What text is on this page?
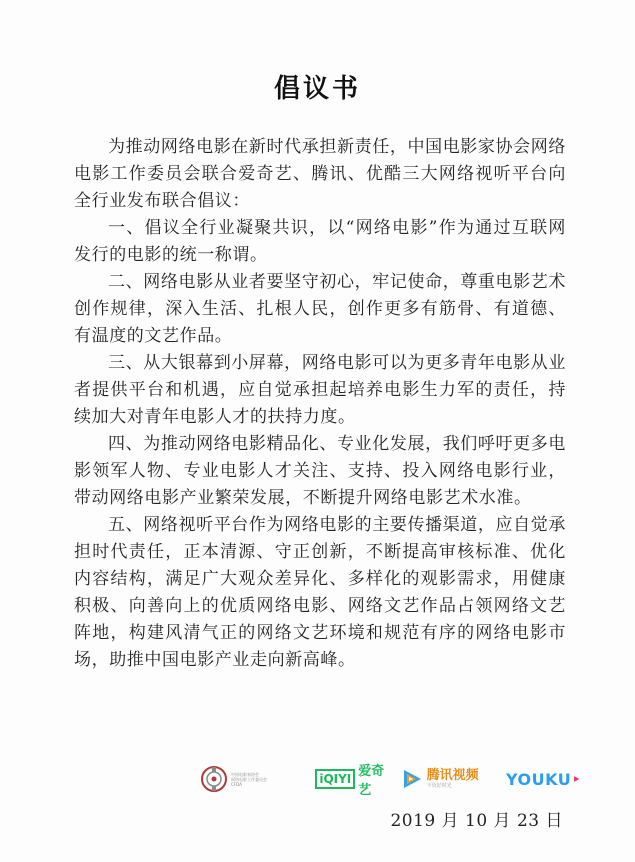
倡议书

为推动网络电影在新时代承担新责任，中国电影家协会网络电影工作委员会联合爱奇艺、腾讯、优酷三大网络视听平台向全行业发布联合倡议：

一、倡议全行业凝聚共识，以“网络电影”作为通过互联网发行的电影的统一称谓。

二、网络电影从业者要坚守初心，牢记使命，尊重电影艺术创作规律，深入生活、扎根人民，创作更多有筋骨、有道德、有温度的文艺作品。

三、从大银幕到小屏幕，网络电影可以为更多青年电影从业者提供平台和机遇，应自觉承担起培养电影生力军的责任，持续加大对青年电影人才的扶持力度。

四、为推动网络电影精品化、专业化发展，我们呼吁更多电影领军人物、专业电影人才关注、支持、投入网络电影行业，带动网络电影产业繁荣发展，不断提升网络电影艺术水准。

五、网络视听平台作为网络电影的主要传播渠道，应自觉承担时代责任，正本清源、守正创新，不断提高审核标准、优化内容结构，满足广大观众差异化、多样化的观影需求，用健康积极、向善向上的优质网络电影、网络文艺作品占领网络文艺阵地，构建风清气正的网络文艺环境和规范有序的网络电影市场，助推中国电影产业走向新高峰。

中国电影家协会
网络电影工作委员会
CFDA	iQIYI 爱奇艺
腾讯视频
不负好时光	YOUKU
2019 月 10 月 23 日
